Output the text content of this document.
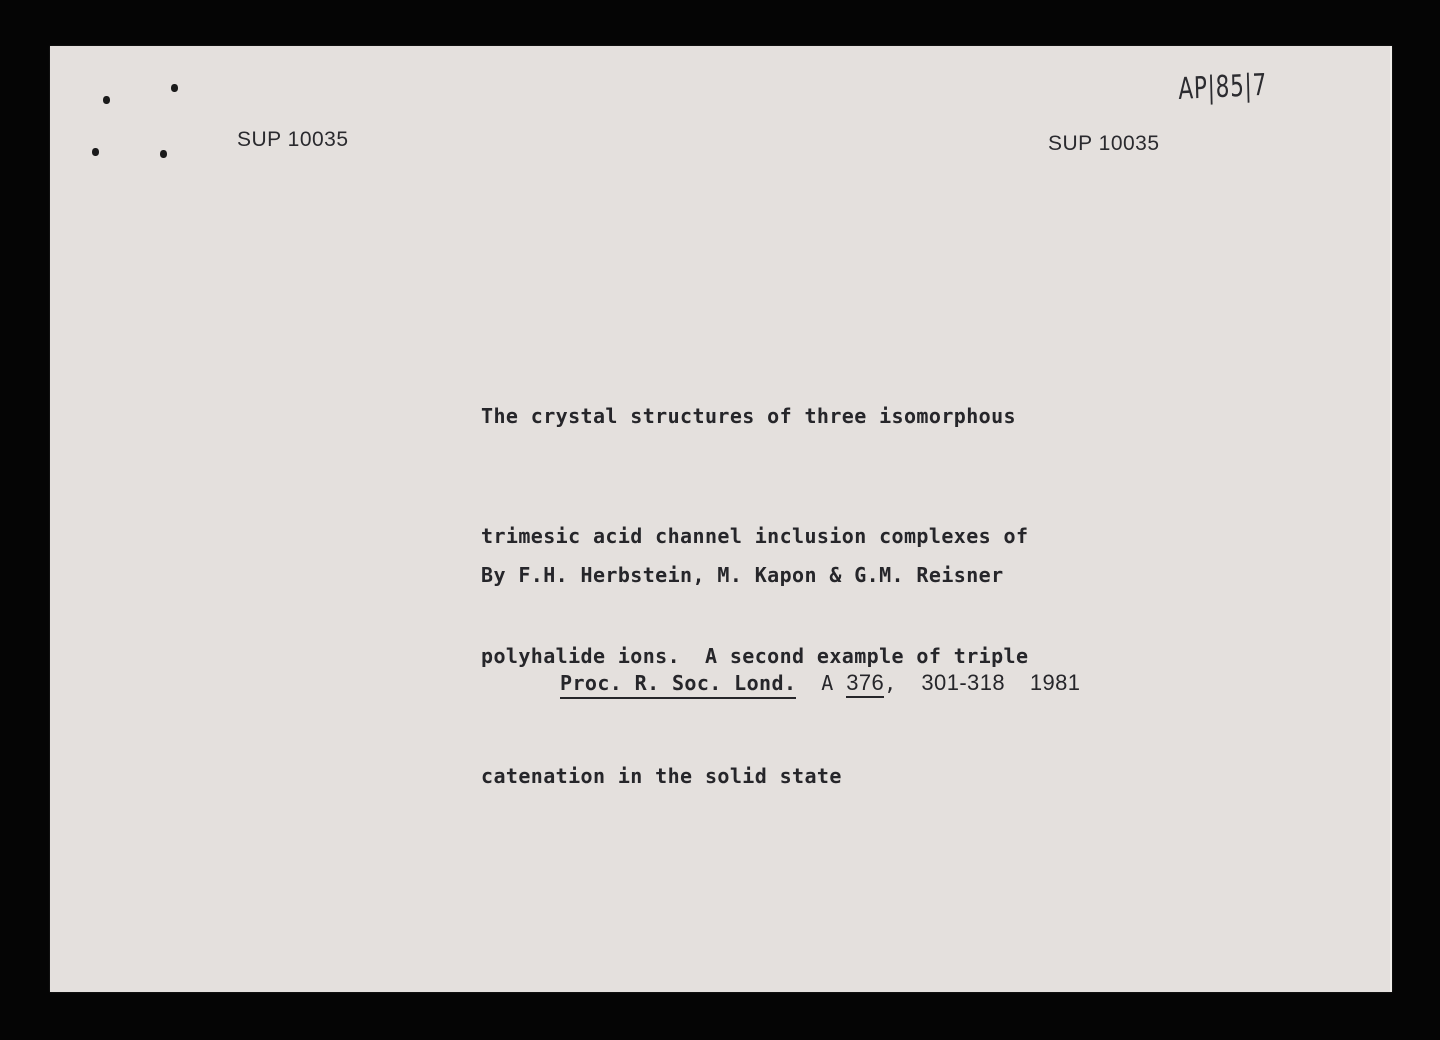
SUP 10035	SUP 10035
AP|85|7

The crystal structures of three isomorphous

trimesic acid channel inclusion complexes of

polyhalide ions.  A second example of triple

catenation in the solid state

By F.H. Herbstein, M. Kapon & G.M. Reisner
Proc. R. Soc. Lond. A 376,  301-318 1981
